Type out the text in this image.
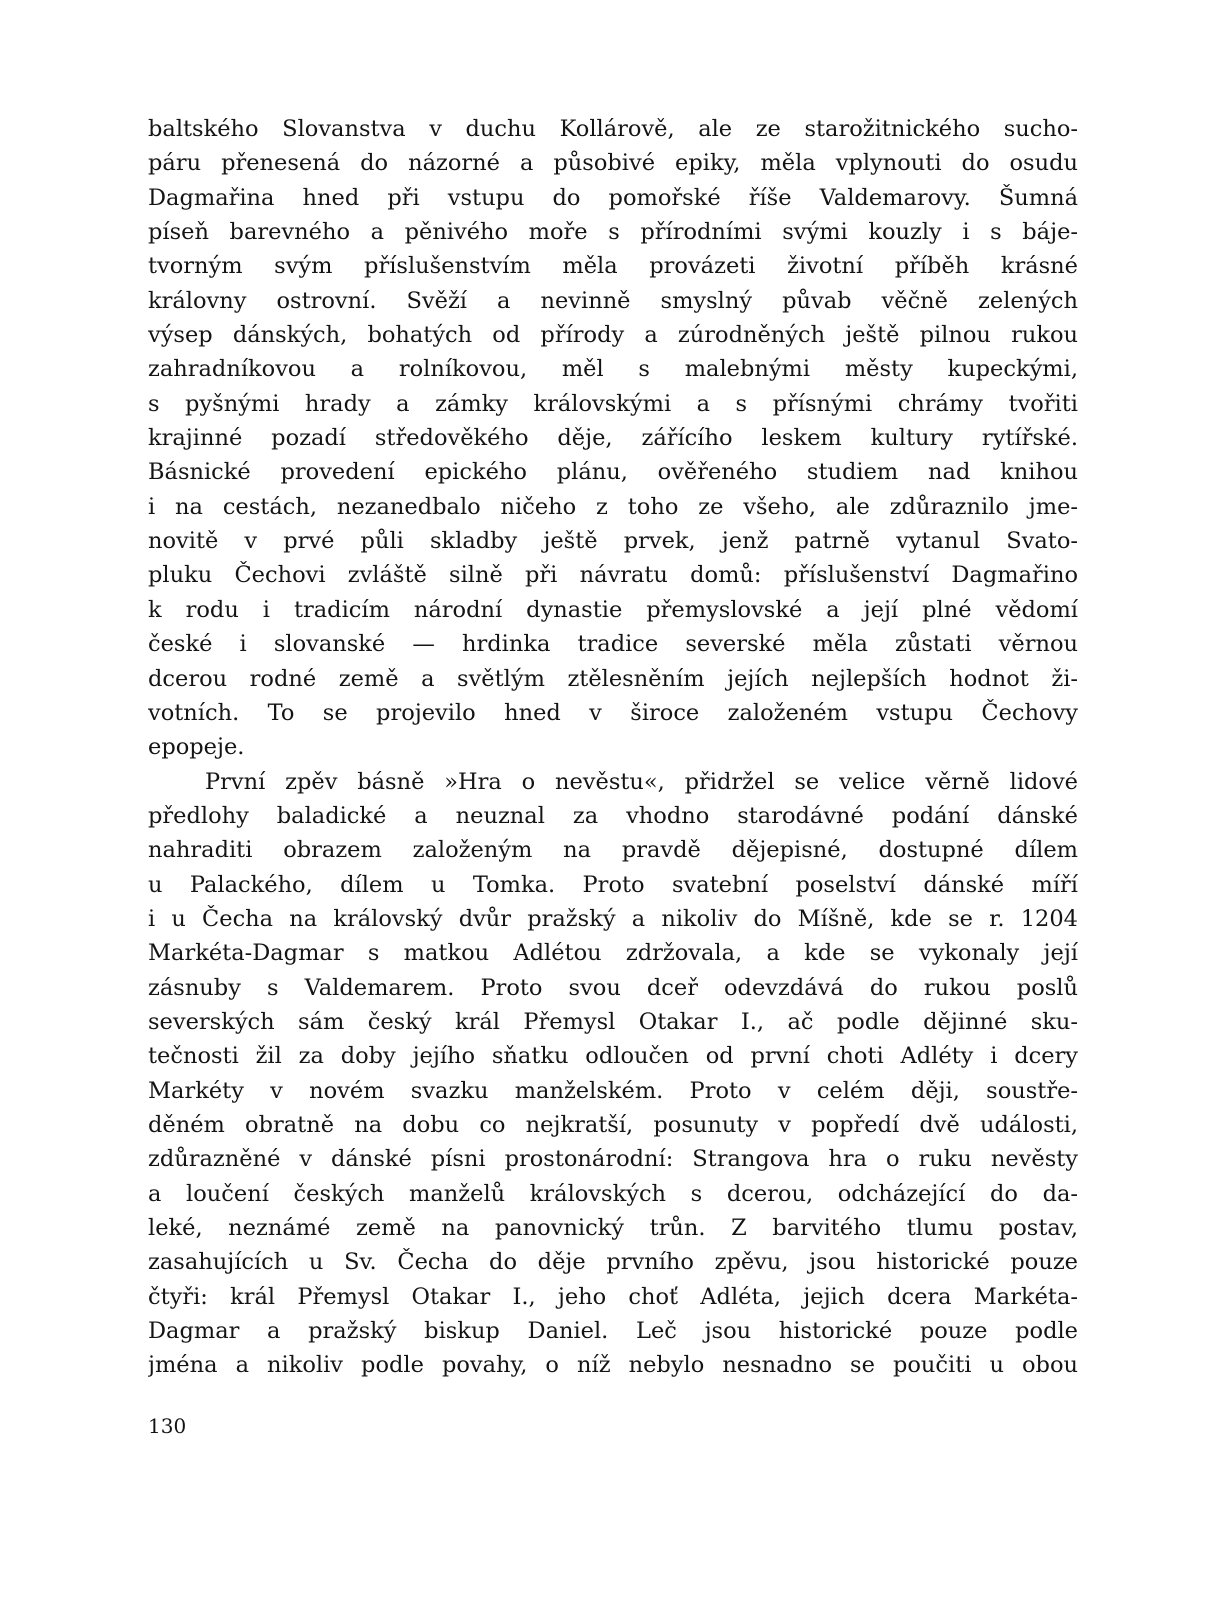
baltského Slovanstva v duchu Kollárově, ale ze starožitnického sucho-
páru přenesená do názorné a působivé epiky, měla vplynouti do osudu
Dagmařina hned při vstupu do pomořské říše Valdemarovy. Šumná
píseň barevného a pěnivého moře s přírodními svými kouzly i s báje-
tvorným svým příslušenstvím měla provázeti životní příběh krásné
královny ostrovní. Svěží a nevinně smyslný půvab věčně zelených
výsep dánských, bohatých od přírody a zúrodněných ještě pilnou rukou
zahradníkovou a rolníkovou, měl s malebnými městy kupeckými,
s pyšnými hrady a zámky královskými a s přísnými chrámy tvořiti
krajinné pozadí středověkého děje, zářícího leskem kultury rytířské.
Básnické provedení epického plánu, ověřeného studiem nad knihou
i na cestách, nezanedbalo ničeho z toho ze všeho, ale zdůraznilo jme-
novitě v prvé půli skladby ještě prvek, jenž patrně vytanul Svato-
pluku Čechovi zvláště silně při návratu domů: příslušenství Dagmařino
k rodu i tradicím národní dynastie přemyslovské a její plné vědomí
české i slovanské — hrdinka tradice severské měla zůstati věrnou
dcerou rodné země a světlým ztělesněním jejích nejlepších hodnot ži-
votních. To se projevilo hned v široce založeném vstupu Čechovy
epopeje.
První zpěv básně »Hra o nevěstu«, přidržel se velice věrně lidové
předlohy baladické a neuznal za vhodno starodávné podání dánské
nahraditi obrazem založeným na pravdě dějepisné, dostupné dílem
u Palackého, dílem u Tomka. Proto svatební poselství dánské míří
i u Čecha na královský dvůr pražský a nikoliv do Míšně, kde se r. 1204
Markéta-Dagmar s matkou Adlétou zdržovala, a kde se vykonaly její
zásnuby s Valdemarem. Proto svou dceř odevzdává do rukou poslů
severských sám český král Přemysl Otakar I., ač podle dějinné sku-
tečnosti žil za doby jejího sňatku odloučen od první choti Adléty i dcery
Markéty v novém svazku manželském. Proto v celém ději, soustře-
děném obratně na dobu co nejkratší, posunuty v popředí dvě události,
zdůrazněné v dánské písni prostonárodní: Strangova hra o ruku nevěsty
a loučení českých manželů královských s dcerou, odcházející do da-
leké, neznámé země na panovnický trůn. Z barvitého tlumu postav,
zasahujících u Sv. Čecha do děje prvního zpěvu, jsou historické pouze
čtyři: král Přemysl Otakar I., jeho choť Adléta, jejich dcera Markéta-
Dagmar a pražský biskup Daniel. Leč jsou historické pouze podle
jména a nikoliv podle povahy, o níž nebylo nesnadno se poučiti u obou
130
